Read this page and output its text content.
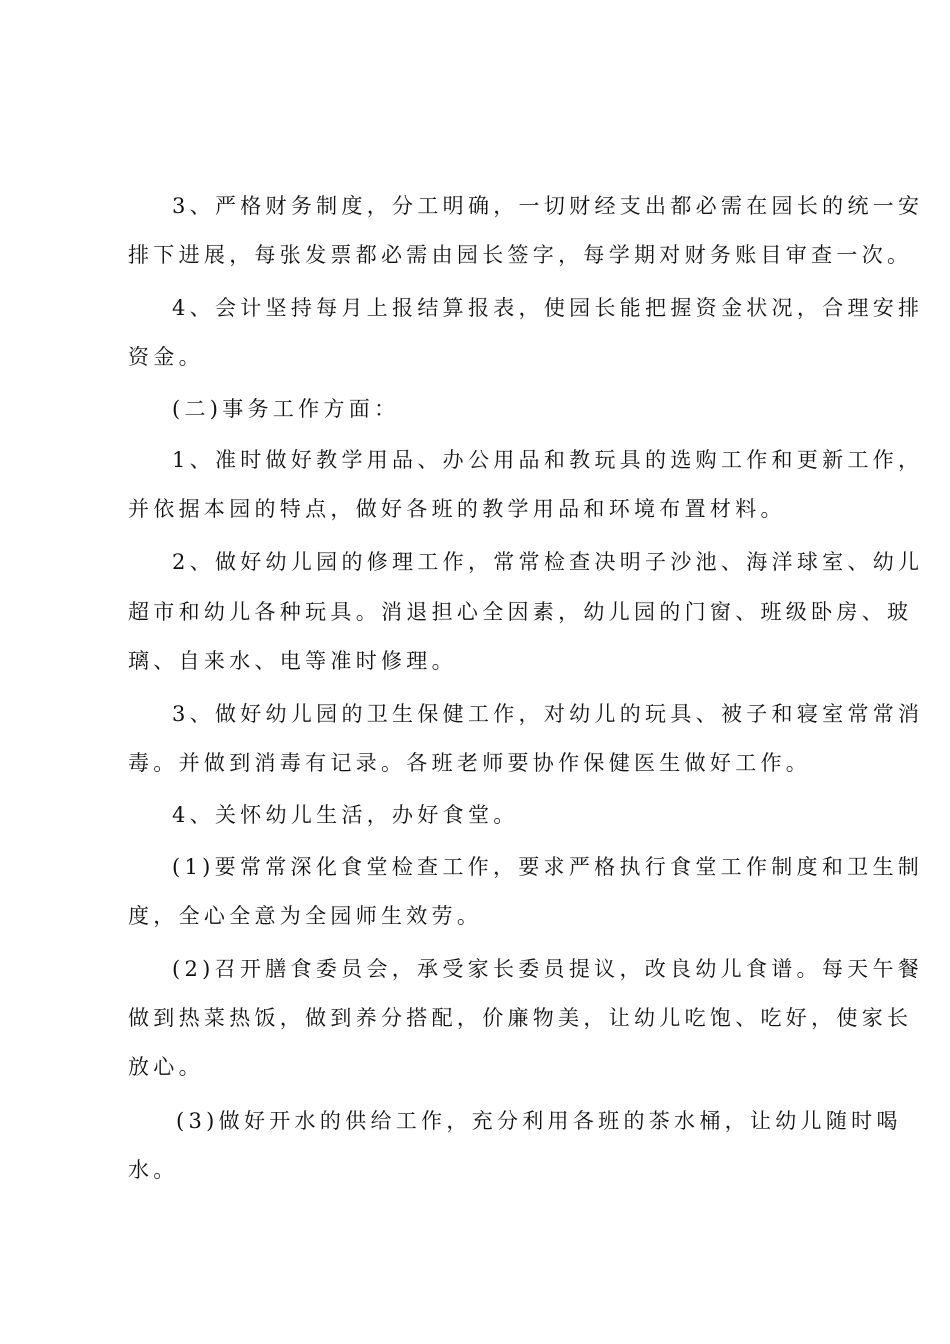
3、严格财务制度，分工明确，一切财经支出都必需在园长的统一安
排下进展，每张发票都必需由园长签字，每学期对财务账目审查一次。
4、会计坚持每月上报结算报表，使园长能把握资金状况，合理安排
资金。
(二)事务工作方面：
1、准时做好教学用品、办公用品和教玩具的选购工作和更新工作，
并依据本园的特点，做好各班的教学用品和环境布置材料。
2、做好幼儿园的修理工作，常常检查决明子沙池、海洋球室、幼儿
超市和幼儿各种玩具。消退担心全因素，幼儿园的门窗、班级卧房、玻
璃、自来水、电等准时修理。
3、做好幼儿园的卫生保健工作，对幼儿的玩具、被子和寝室常常消
毒。并做到消毒有记录。各班老师要协作保健医生做好工作。
4、关怀幼儿生活，办好食堂。
(1)要常常深化食堂检查工作，要求严格执行食堂工作制度和卫生制
度，全心全意为全园师生效劳。
(2)召开膳食委员会，承受家长委员提议，改良幼儿食谱。每天午餐
做到热菜热饭，做到养分搭配，价廉物美，让幼儿吃饱、吃好，使家长
放心。
(3)做好开水的供给工作，充分利用各班的茶水桶，让幼儿随时喝
水。
